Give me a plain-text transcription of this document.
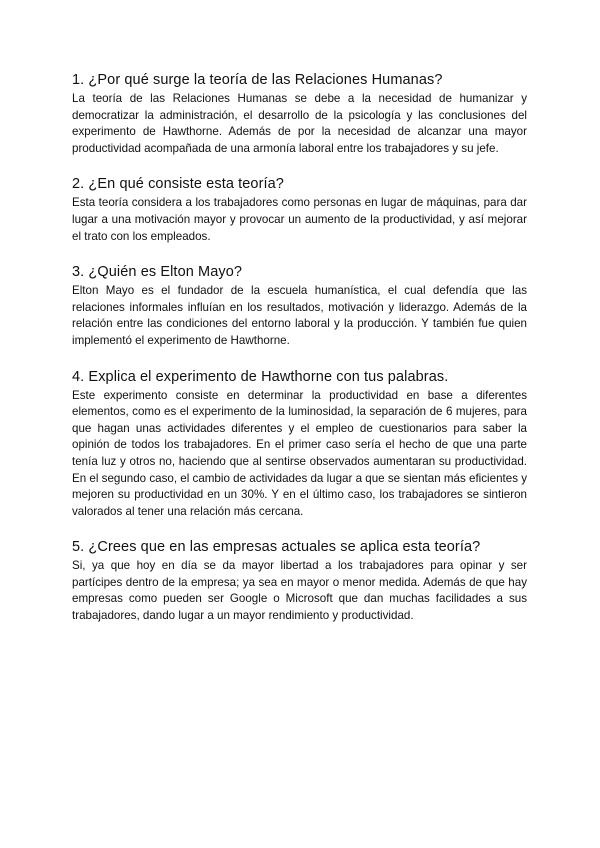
1. ¿Por qué surge la teoría de las Relaciones Humanas?

La teoría de las Relaciones Humanas se debe a la necesidad de humanizar y democratizar la administración, el desarrollo de la psicología y las conclusiones del experimento de Hawthorne. Además de por la necesidad de alcanzar una mayor productividad acompañada de una armonía laboral entre los trabajadores y su jefe.

2. ¿En qué consiste esta teoría?

Esta teoría considera a los trabajadores como personas en lugar de máquinas, para dar lugar a una motivación mayor y provocar un aumento de la productividad, y así mejorar el trato con los empleados.

3. ¿Quién es Elton Mayo?

Elton Mayo es el fundador de la escuela humanística, el cual defendía que las relaciones informales influían en los resultados, motivación y liderazgo. Además de la relación entre las condiciones del entorno laboral y la producción. Y también fue quien implementó el experimento de Hawthorne.

4. Explica el experimento de Hawthorne con tus palabras.

Este experimento consiste en determinar la productividad en base a diferentes elementos, como es el experimento de la luminosidad, la separación de 6 mujeres, para que hagan unas actividades diferentes y el empleo de cuestionarios para saber la opinión de todos los trabajadores. En el primer caso sería el hecho de que una parte tenía luz y otros no, haciendo que al sentirse observados aumentaran su productividad. En el segundo caso, el cambio de actividades da lugar a que se sientan más eficientes y mejoren su productividad en un 30%. Y en el último caso, los trabajadores se sintieron valorados al tener una relación más cercana.

5. ¿Crees que en las empresas actuales se aplica esta teoría?

Si, ya que hoy en día se da mayor libertad a los trabajadores para opinar y ser partícipes dentro de la empresa; ya sea en mayor o menor medida. Además de que hay empresas como pueden ser Google o Microsoft que dan muchas facilidades a sus trabajadores, dando lugar a un mayor rendimiento y productividad.
